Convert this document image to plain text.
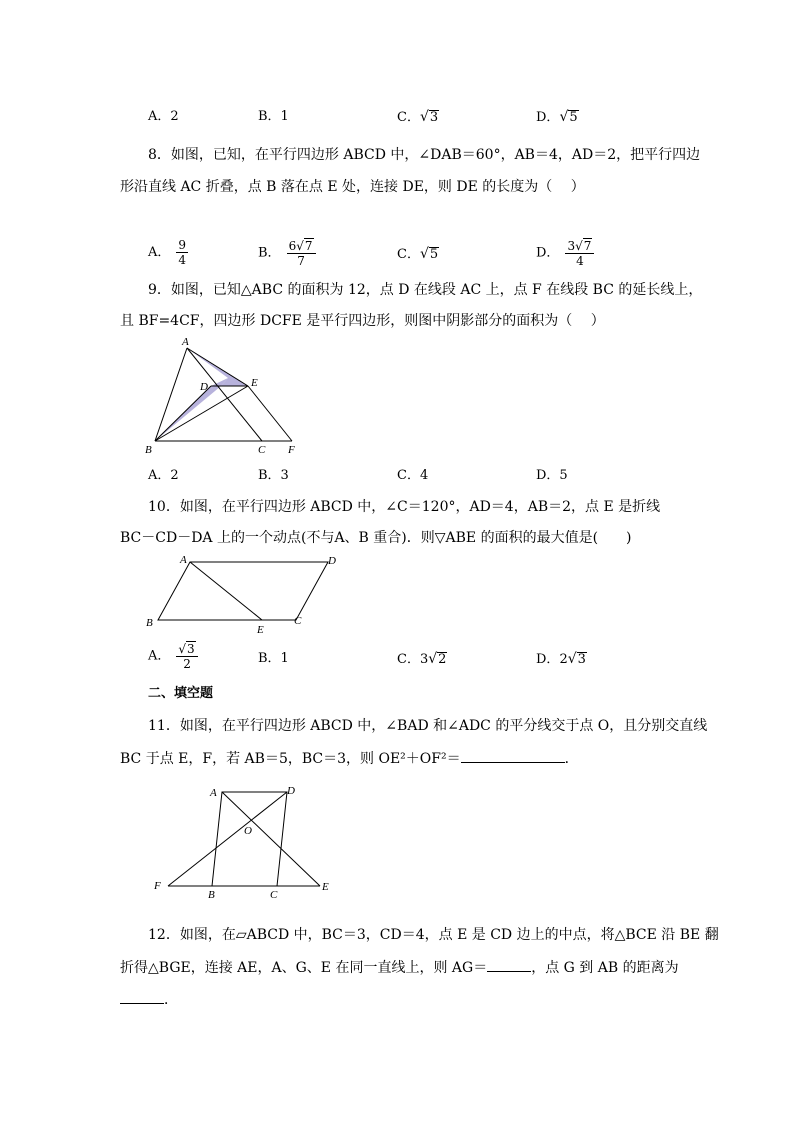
A．2	B．1	C．√3	D．√5
8．如图，已知，在平行四边形 ABCD 中，∠DAB＝60°，AB＝4，AD＝2，把平行四边
形沿直线 AC 折叠，点 B 落在点 E 处，连接 DE，则 DE 的长度为（　 ）
A． $\frac{9}{4}$	B． $\frac{6√7}{7}$	C．√5	D． $\frac{3√7}{4}$
9．如图，已知△ABC 的面积为 12，点 D 在线段 AC 上，点 F 在线段 BC 的延长线上，
且 BF=4CF，四边形 DCFE 是平行四边形，则图中阴影部分的面积为（　 ）
A
B	C
D	E
F
A．2	B．3	C．4	D．5
10．如图，在平行四边形 ABCD 中，∠C＝120°，AD＝4，AB＝2，点 E 是折线
BC－CD－DA 上的一个动点(不与A、B 重合)．则▽ABE 的面积的最大值是(　　)
A	D
B
E
C
A． $\frac{√3}{2}$	B．1	C．3√2	D．2√3
二、填空题
11．如图，在平行四边形 ABCD 中，∠BAD 和∠ADC 的平分线交于点 O，且分别交直线
BC 于点 E，F，若 AB＝5，BC＝3，则 OE²＋OF²＝	．
A	D
O
F
B	C
E
12．如图，在▱ABCD 中，BC＝3，CD＝4，点 E 是 CD 边上的中点，将△BCE 沿 BE 翻
折得△BGE，连接 AE，A、G、E 在同一直线上，则 AG＝	，点 G 到 AB 的距离为
．
